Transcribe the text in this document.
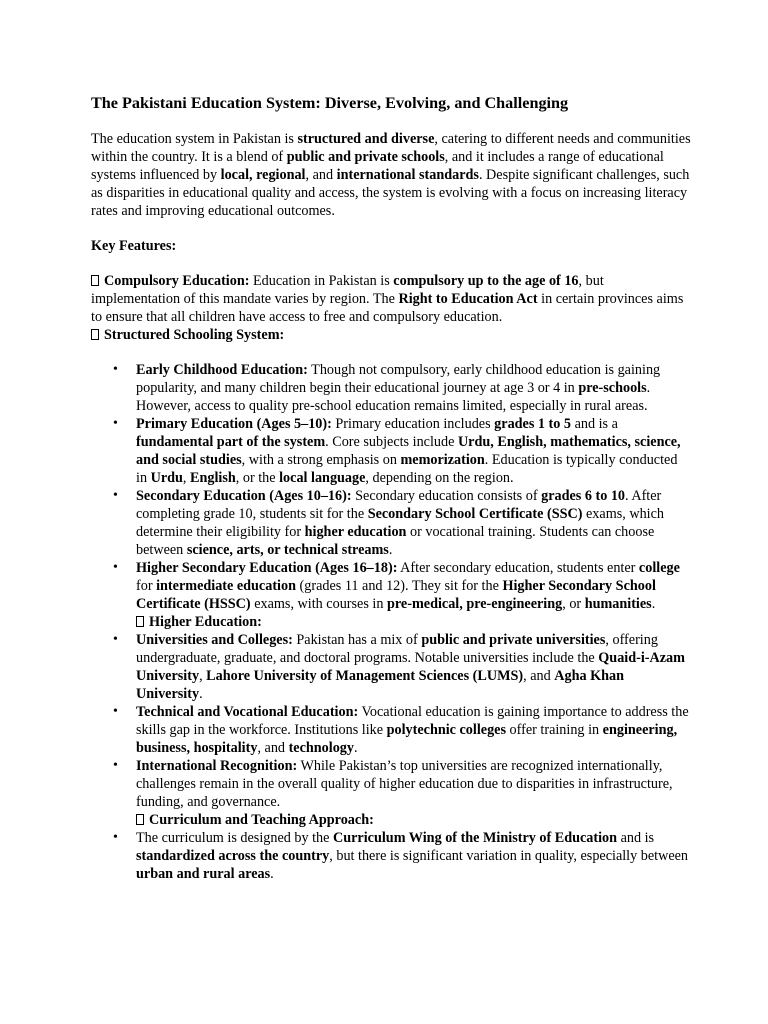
The Pakistani Education System: Diverse, Evolving, and Challenging

The education system in Pakistan is structured and diverse, catering to different needs and communities within the country. It is a blend of public and private schools, and it includes a range of educational systems influenced by local, regional, and international standards. Despite significant challenges, such as disparities in educational quality and access, the system is evolving with a focus on increasing literacy rates and improving educational outcomes.

Key Features:

Compulsory Education: Education in Pakistan is compulsory up to the age of 16, but implementation of this mandate varies by region. The Right to Education Act in certain provinces aims to ensure that all children have access to free and compulsory education.

Structured Schooling System:

• Early Childhood Education: Though not compulsory, early childhood education is gaining popularity, and many children begin their educational journey at age 3 or 4 in pre-schools. However, access to quality pre-school education remains limited, especially in rural areas.
• Primary Education (Ages 5–10): Primary education includes grades 1 to 5 and is a fundamental part of the system. Core subjects include Urdu, English, mathematics, science, and social studies, with a strong emphasis on memorization. Education is typically conducted in Urdu, English, or the local language, depending on the region.
• Secondary Education (Ages 10–16): Secondary education consists of grades 6 to 10. After completing grade 10, students sit for the Secondary School Certificate (SSC) exams, which determine their eligibility for higher education or vocational training. Students can choose between science, arts, or technical streams.
• Higher Secondary Education (Ages 16–18): After secondary education, students enter college for intermediate education (grades 11 and 12). They sit for the Higher Secondary School Certificate (HSSC) exams, with courses in pre-medical, pre-engineering, or humanities.
Higher Education:
• Universities and Colleges: Pakistan has a mix of public and private universities, offering undergraduate, graduate, and doctoral programs. Notable universities include the Quaid-i-Azam University, Lahore University of Management Sciences (LUMS), and Agha Khan University.
• Technical and Vocational Education: Vocational education is gaining importance to address the skills gap in the workforce. Institutions like polytechnic colleges offer training in engineering, business, hospitality, and technology.
• International Recognition: While Pakistan’s top universities are recognized internationally, challenges remain in the overall quality of higher education due to disparities in infrastructure, funding, and governance.
Curriculum and Teaching Approach:
• The curriculum is designed by the Curriculum Wing of the Ministry of Education and is standardized across the country, but there is significant variation in quality, especially between urban and rural areas.
